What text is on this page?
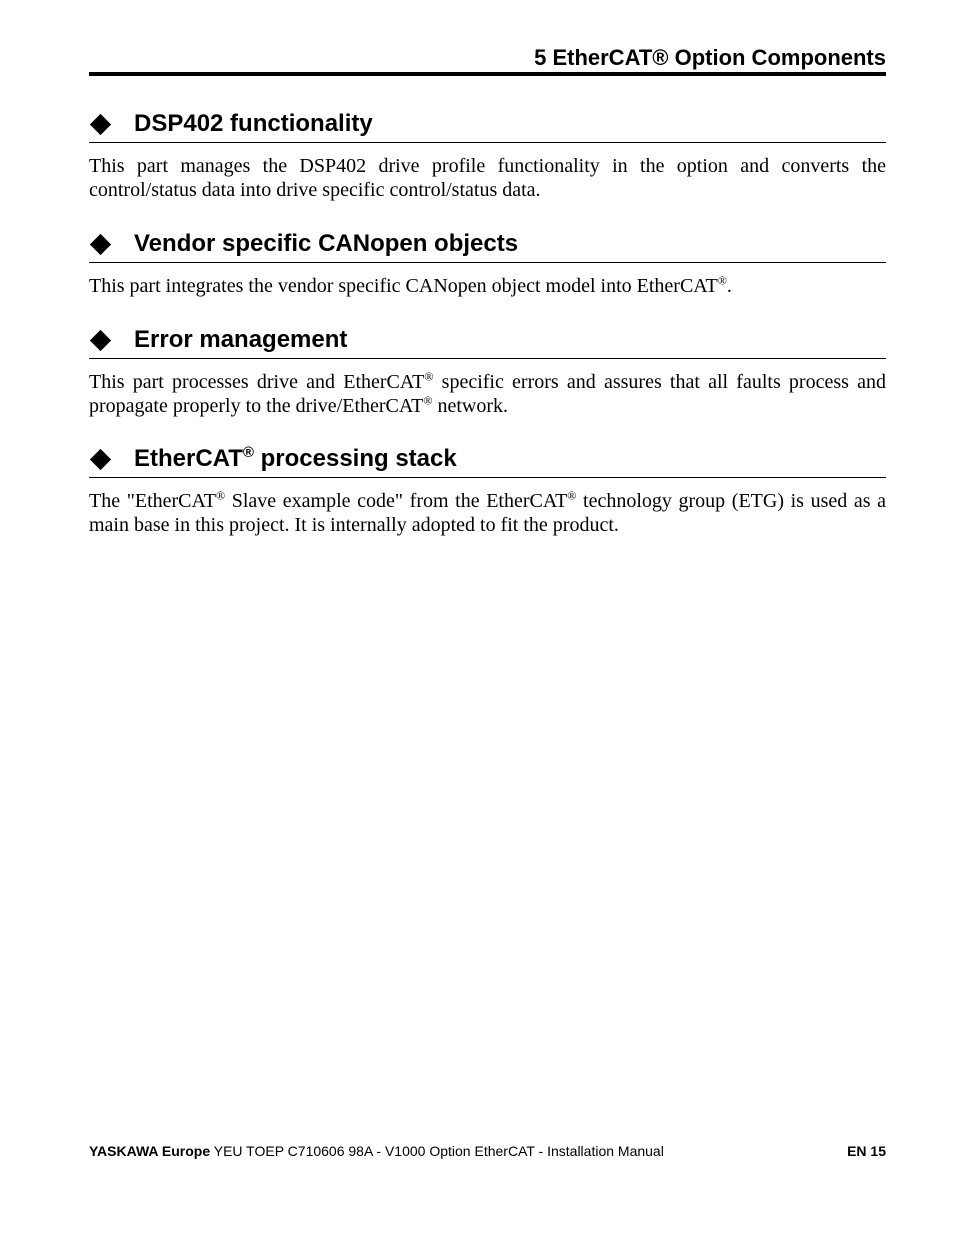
5 EtherCAT® Option Components
DSP402 functionality

This part manages the DSP402 drive profile functionality in the option and converts the control/status data into drive specific control/status data.

Vendor specific CANopen objects

This part integrates the vendor specific CANopen object model into EtherCAT®.

Error management

This part processes drive and EtherCAT® specific errors and assures that all faults process and propagate properly to the drive/EtherCAT® network.

EtherCAT® processing stack

The "EtherCAT® Slave example code" from the EtherCAT® technology group (ETG) is used as a main base in this project. It is internally adopted to fit the product.

YASKAWA Europe YEU TOEP C710606 98A - V1000 Option EtherCAT - Installation Manual	EN 15
